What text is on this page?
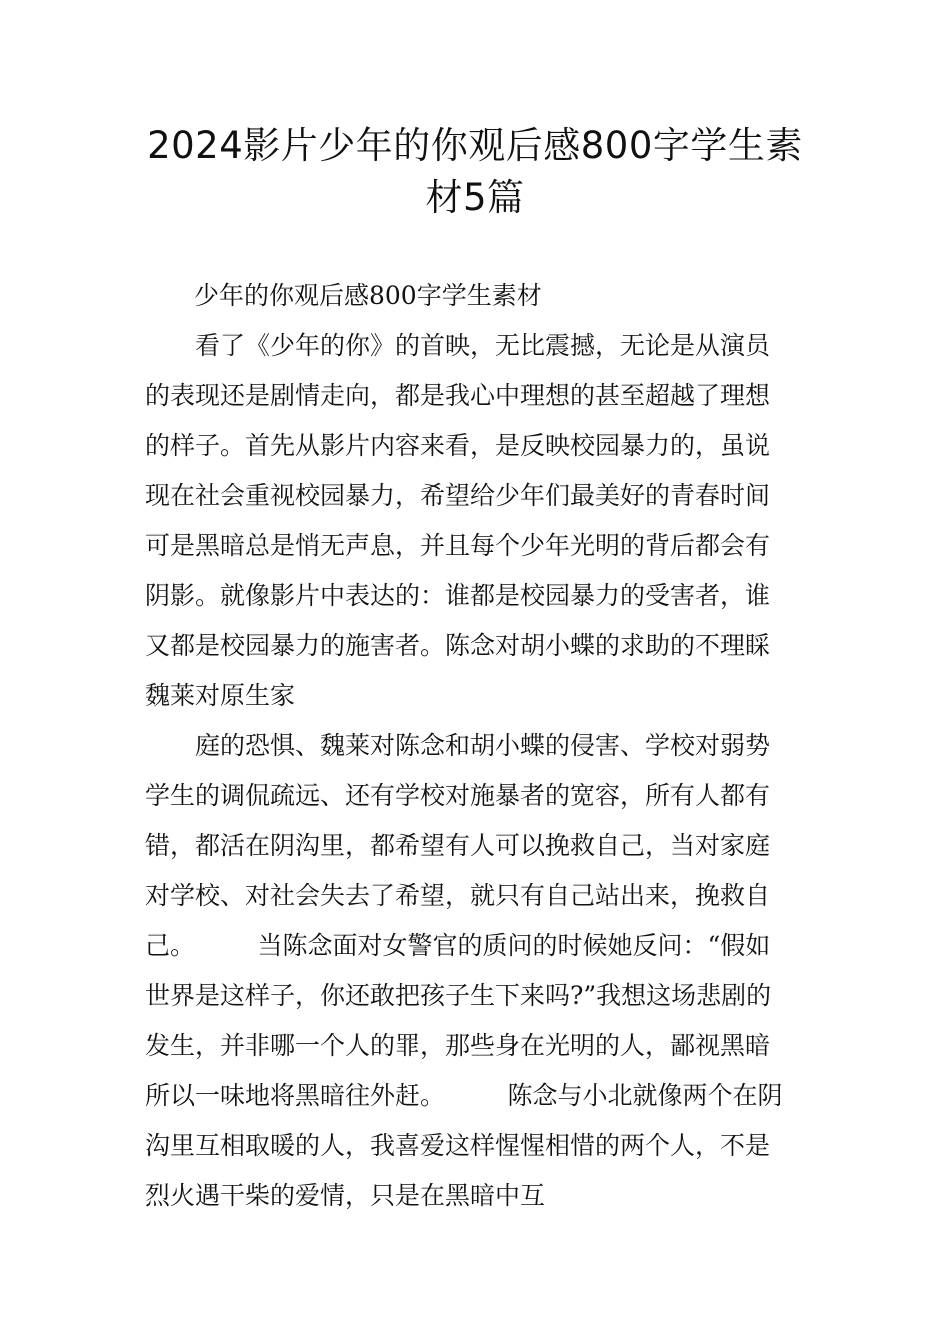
2024影片少年的你观后感800字学生素
材5篇
少年的你观后感800字学生素材
看了《少年的你》的首映，无比震撼，无论是从演员
的表现还是剧情走向，都是我心中理想的甚至超越了理想
的样子。首先从影片内容来看，是反映校园暴力的，虽说
现在社会重视校园暴力，希望给少年们最美好的青春时间
可是黑暗总是悄无声息，并且每个少年光明的背后都会有
阴影。就像影片中表达的：谁都是校园暴力的受害者，谁
又都是校园暴力的施害者。陈念对胡小蝶的求助的不理睬
魏莱对原生家
庭的恐惧、魏莱对陈念和胡小蝶的侵害、学校对弱势
学生的调侃疏远、还有学校对施暴者的宽容，所有人都有
错，都活在阴沟里，都希望有人可以挽救自己，当对家庭
对学校、对社会失去了希望，就只有自己站出来，挽救自
己。　　　当陈念面对女警官的质问的时候她反问：“假如
世界是这样子，你还敢把孩子生下来吗?”我想这场悲剧的
发生，并非哪一个人的罪，那些身在光明的人，鄙视黑暗
所以一味地将黑暗往外赶。　　　陈念与小北就像两个在阴
沟里互相取暖的人，我喜爱这样惺惺相惜的两个人，不是
烈火遇干柴的爱情，只是在黑暗中互
